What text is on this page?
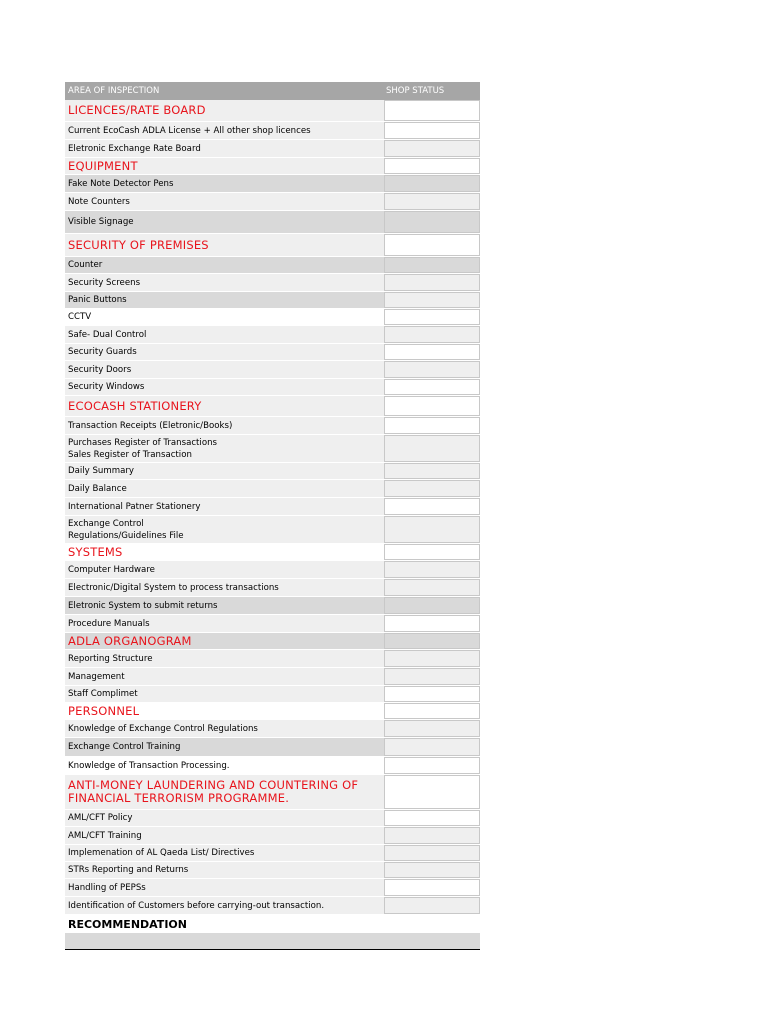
AREA OF INSPECTION	SHOP STATUS
LICENCES/RATE BOARD
Current EcoCash ADLA License + All other shop licences
Eletronic Exchange Rate Board
EQUIPMENT
Fake Note Detector Pens
Note Counters
Visible Signage
SECURITY OF PREMISES
Counter
Security Screens
Panic Buttons
CCTV
Safe- Dual Control
Security Guards
Security Doors
Security Windows
ECOCASH STATIONERY
Transaction Receipts (Eletronic/Books)
Purchases Register of Transactions
Sales Register of Transaction
Daily Summary
Daily Balance
International Patner Stationery
Exchange Control
Regulations/Guidelines File
SYSTEMS
Computer Hardware
Electronic/Digital System to process transactions
Eletronic System to submit returns
Procedure Manuals
ADLA ORGANOGRAM
Reporting Structure
Management
Staff Complimet
PERSONNEL
Knowledge of Exchange Control Regulations
Exchange Control Training
Knowledge of Transaction Processing.
ANTI-MONEY LAUNDERING AND COUNTERING OF
FINANCIAL TERRORISM PROGRAMME.
AML/CFT Policy
AML/CFT Training
Implemenation of AL Qaeda List/ Directives
STRs Reporting and Returns
Handling of PEPSs
Identification of Customers before carrying-out transaction.
RECOMMENDATION
